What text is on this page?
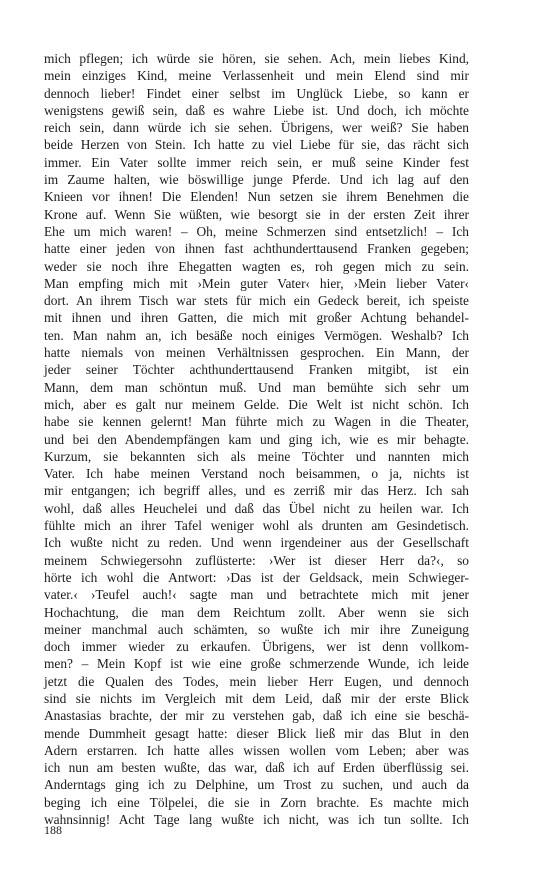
mich pflegen; ich würde sie hören, sie sehen. Ach, mein liebes Kind,
mein einziges Kind, meine Verlassenheit und mein Elend sind mir
dennoch lieber! Findet einer selbst im Unglück Liebe, so kann er
wenigstens gewiß sein, daß es wahre Liebe ist. Und doch, ich möchte
reich sein, dann würde ich sie sehen. Übrigens, wer weiß? Sie haben
beide Herzen von Stein. Ich hatte zu viel Liebe für sie, das rächt sich
immer. Ein Vater sollte immer reich sein, er muß seine Kinder fest
im Zaume halten, wie böswillige junge Pferde. Und ich lag auf den
Knieen vor ihnen! Die Elenden! Nun setzen sie ihrem Benehmen die
Krone auf. Wenn Sie wüßten, wie besorgt sie in der ersten Zeit ihrer
Ehe um mich waren! – Oh, meine Schmerzen sind entsetzlich! – Ich
hatte einer jeden von ihnen fast achthunderttausend Franken gegeben;
weder sie noch ihre Ehegatten wagten es, roh gegen mich zu sein.
Man empfing mich mit ›Mein guter Vater‹ hier, ›Mein lieber Vater‹
dort. An ihrem Tisch war stets für mich ein Gedeck bereit, ich speiste
mit ihnen und ihren Gatten, die mich mit großer Achtung behandel-
ten. Man nahm an, ich besäße noch einiges Vermögen. Weshalb? Ich
hatte niemals von meinen Verhältnissen gesprochen. Ein Mann, der
jeder seiner Töchter achthunderttausend Franken mitgibt, ist ein
Mann, dem man schöntun muß. Und man bemühte sich sehr um
mich, aber es galt nur meinem Gelde. Die Welt ist nicht schön. Ich
habe sie kennen gelernt! Man führte mich zu Wagen in die Theater,
und bei den Abendempfängen kam und ging ich, wie es mir behagte.
Kurzum, sie bekannten sich als meine Töchter und nannten mich
Vater. Ich habe meinen Verstand noch beisammen, o ja, nichts ist
mir entgangen; ich begriff alles, und es zerriß mir das Herz. Ich sah
wohl, daß alles Heuchelei und daß das Übel nicht zu heilen war. Ich
fühlte mich an ihrer Tafel weniger wohl als drunten am Gesindetisch.
Ich wußte nicht zu reden. Und wenn irgendeiner aus der Gesellschaft
meinem Schwiegersohn zuflüsterte: ›Wer ist dieser Herr da?‹, so
hörte ich wohl die Antwort: ›Das ist der Geldsack, mein Schwieger-
vater.‹ ›Teufel auch!‹ sagte man und betrachtete mich mit jener
Hochachtung, die man dem Reichtum zollt. Aber wenn sie sich
meiner manchmal auch schämten, so wußte ich mir ihre Zuneigung
doch immer wieder zu erkaufen. Übrigens, wer ist denn vollkom-
men? – Mein Kopf ist wie eine große schmerzende Wunde, ich leide
jetzt die Qualen des Todes, mein lieber Herr Eugen, und dennoch
sind sie nichts im Vergleich mit dem Leid, daß mir der erste Blick
Anastasias brachte, der mir zu verstehen gab, daß ich eine sie beschä-
mende Dummheit gesagt hatte: dieser Blick ließ mir das Blut in den
Adern erstarren. Ich hatte alles wissen wollen vom Leben; aber was
ich nun am besten wußte, das war, daß ich auf Erden überflüssig sei.
Anderntags ging ich zu Delphine, um Trost zu suchen, und auch da
beging ich eine Tölpelei, die sie in Zorn brachte. Es machte mich
wahnsinnig! Acht Tage lang wußte ich nicht, was ich tun sollte. Ich
188
